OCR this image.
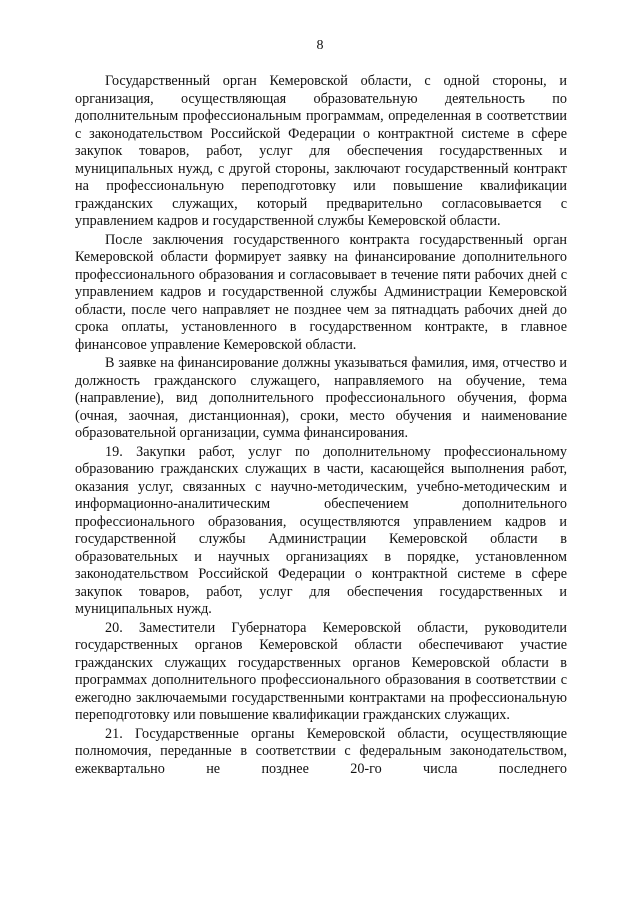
8

Государственный орган Кемеровской области, с одной стороны, и организация, осуществляющая образовательную деятельность по дополнительным профессиональным программам, определенная в соответствии с законодательством Российской Федерации о контрактной системе в сфере закупок товаров, работ, услуг для обеспечения государственных и муниципальных нужд, с другой стороны, заключают государственный контракт на профессиональную переподготовку или повышение квалификации гражданских служащих, который предварительно согласовывается с управлением кадров и государственной службы Кемеровской области.

После заключения государственного контракта государственный орган Кемеровской области формирует заявку на финансирование дополнительного профессионального образования и согласовывает в течение пяти рабочих дней с управлением кадров и государственной службы Администрации Кемеровской области, после чего направляет не позднее чем за пятнадцать рабочих дней до срока оплаты, установленного в государственном контракте, в главное финансовое управление Кемеровской области.

В заявке на финансирование должны указываться фамилия, имя, отчество и должность гражданского служащего, направляемого на обучение, тема (направление), вид дополнительного профессионального обучения, форма (очная, заочная, дистанционная), сроки, место обучения и наименование образовательной организации, сумма финансирования.

19. Закупки работ, услуг по дополнительному профессиональному образованию гражданских служащих в части, касающейся выполнения работ, оказания услуг, связанных с научно-методическим, учебно-методическим и информационно-аналитическим обеспечением дополнительного профессионального образования, осуществляются управлением кадров и государственной службы Администрации Кемеровской области в образовательных и научных организациях в порядке, установленном законодательством Российской Федерации о контрактной системе в сфере закупок товаров, работ, услуг для обеспечения государственных и муниципальных нужд.

20. Заместители Губернатора Кемеровской области, руководители государственных органов Кемеровской области обеспечивают участие гражданских служащих государственных органов Кемеровской области в программах дополнительного профессионального образования в соответствии с ежегодно заключаемыми государственными контрактами на профессиональную переподготовку или повышение квалификации гражданских служащих.

21. Государственные органы Кемеровской области, осуществляющие полномочия, переданные в соответствии с федеральным законодательством, ежеквартально не позднее 20-го числа последнего
